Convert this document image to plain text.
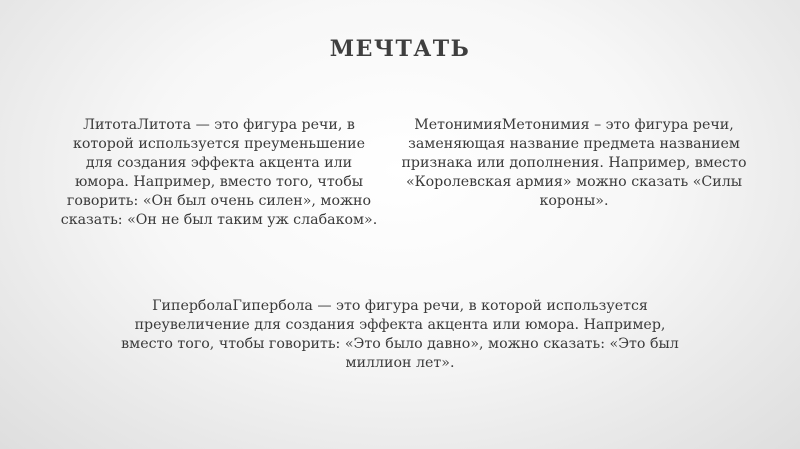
МЕЧТАТЬ
ЛитотаЛитота — это фигура речи, в которой используется преуменьшение для создания эффекта акцента или юмора. Например, вместо того, чтобы говорить: «Он был очень силен», можно сказать: «Он не был таким уж слабаком».
МетонимияМетонимия – это фигура речи, заменяющая название предмета названием признака или дополнения. Например, вместо «Королевская армия» можно сказать «Силы короны».
ГиперболаГипербола — это фигура речи, в которой используется преувеличение для создания эффекта акцента или юмора. Например, вместо того, чтобы говорить: «Это было давно», можно сказать: «Это был миллион лет».
